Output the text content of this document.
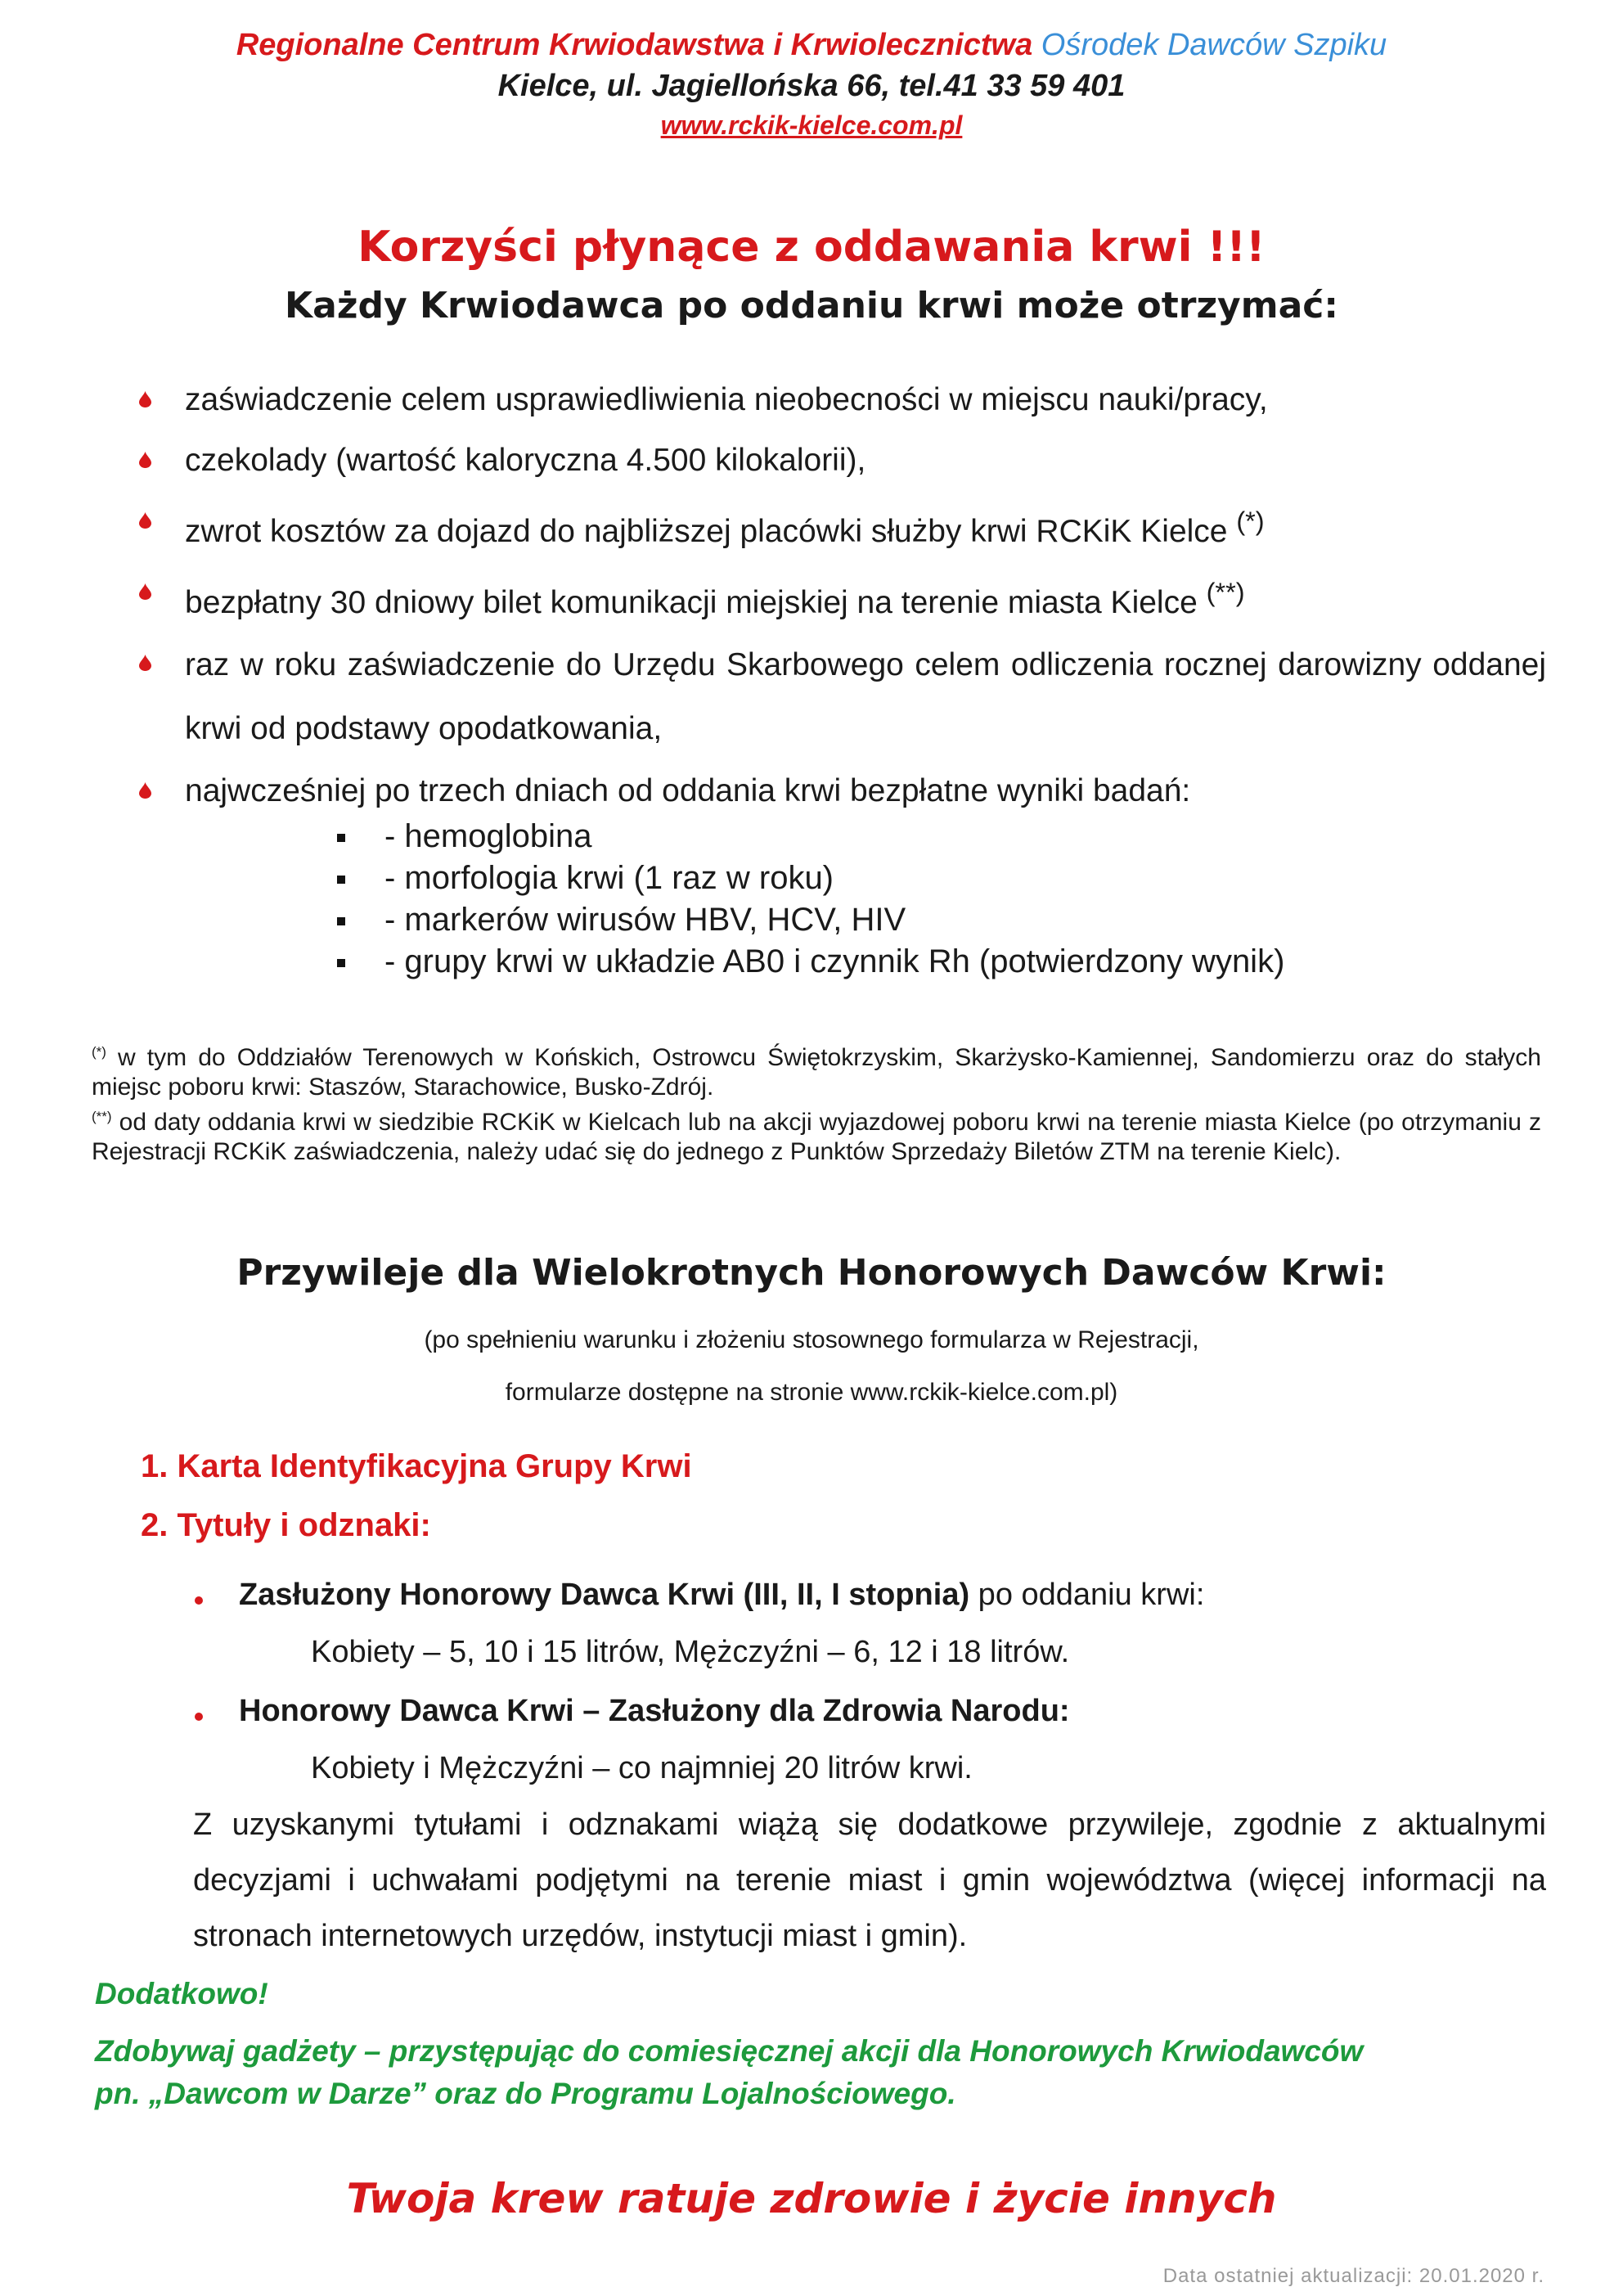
Regionalne Centrum Krwiodawstwa i Krwiolecznictwa Ośrodek Dawców Szpiku
Kielce, ul. Jagiellońska 66, tel.41 33 59 401
www.rckik-kielce.com.pl
Korzyści płynące z oddawania krwi !!!
Każdy Krwiodawca po oddaniu krwi może otrzymać:
zaświadczenie celem usprawiedliwienia nieobecności w miejscu nauki/pracy,
czekolady (wartość kaloryczna 4.500 kilokalorii),
zwrot kosztów za dojazd do najbliższej placówki służby krwi RCKiK Kielce (*)
bezpłatny 30 dniowy bilet komunikacji miejskiej na terenie miasta Kielce (**)
raz w roku zaświadczenie do Urzędu Skarbowego celem odliczenia rocznej darowizny oddanej krwi od podstawy opodatkowania,
najwcześniej po trzech dniach od oddania krwi bezpłatne wyniki badań:
- hemoglobina
- morfologia krwi (1 raz w roku)
- markerów wirusów HBV, HCV, HIV
- grupy krwi w układzie AB0 i czynnik Rh (potwierdzony wynik)
(*) w tym do Oddziałów Terenowych w Końskich, Ostrowcu Świętokrzyskim, Skarżysko-Kamiennej, Sandomierzu oraz do stałych miejsc poboru krwi: Staszów, Starachowice, Busko-Zdrój.
(**) od daty oddania krwi w siedzibie RCKiK w Kielcach lub na akcji wyjazdowej poboru krwi na terenie miasta Kielce (po otrzymaniu z Rejestracji RCKiK zaświadczenia, należy udać się do jednego z Punktów Sprzedaży Biletów ZTM na terenie Kielc).
Przywileje dla Wielokrotnych Honorowych Dawców Krwi:
(po spełnieniu warunku i złożeniu stosownego formularza w Rejestracji,
formularze dostępne na stronie www.rckik-kielce.com.pl)
1. Karta Identyfikacyjna Grupy Krwi
2. Tytuły i odznaki:
Zasłużony Honorowy Dawca Krwi (III, II, I stopnia) po oddaniu krwi:
Kobiety – 5, 10 i 15 litrów, Mężczyźni – 6, 12 i 18 litrów.
Honorowy Dawca Krwi – Zasłużony dla Zdrowia Narodu:
Kobiety i Mężczyźni – co najmniej 20 litrów krwi.
Z uzyskanymi tytułami i odznakami wiążą się dodatkowe przywileje, zgodnie z aktualnymi decyzjami i uchwałami podjętymi na terenie miast i gmin województwa (więcej informacji na stronach internetowych urzędów, instytucji miast i gmin).
Dodatkowo!
Zdobywaj gadżety – przystępując do comiesięcznej akcji dla Honorowych Krwiodawców
pn. „Dawcom w Darze” oraz do Programu Lojalnościowego.
Twoja krew ratuje zdrowie i życie innych
Data ostatniej aktualizacji: 20.01.2020 r.
